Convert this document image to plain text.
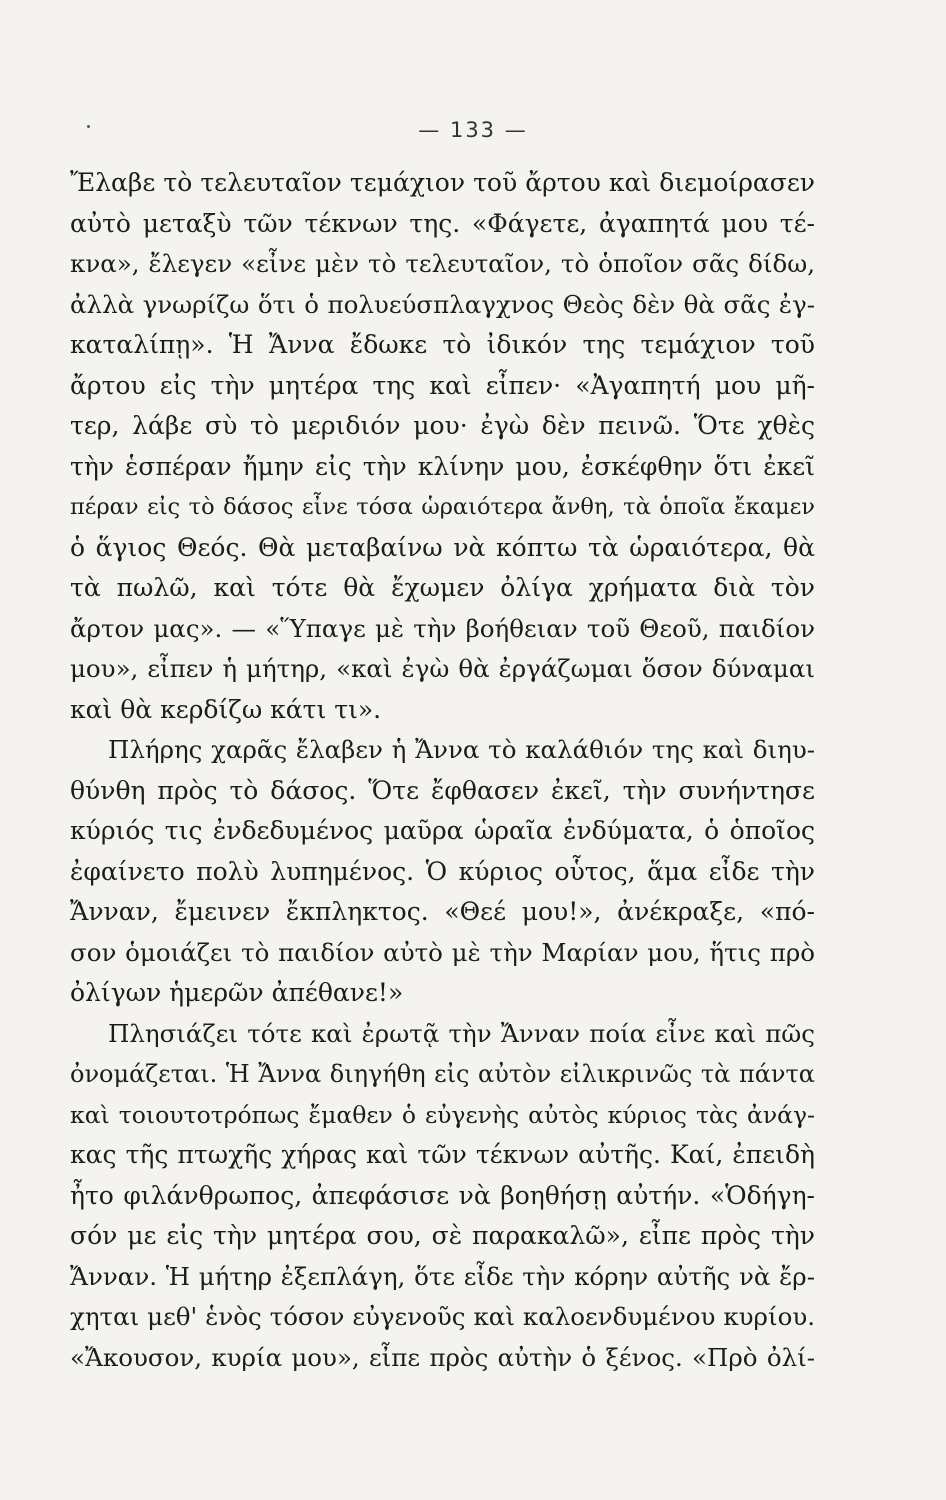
— 133 —
Ἔλαβε τὸ τελευταῖον τεμάχιον τοῦ ἄρτου καὶ διεμοίρασεν
αὐτὸ μεταξὺ τῶν τέκνων της. «Φάγετε, ἀγαπητά μου τέ-
κνα», ἔλεγεν «εἶνε μὲν τὸ τελευταῖον, τὸ ὁποῖον σᾶς δίδω,
ἀλλὰ γνωρίζω ὅτι ὁ πολυεύσπλαγχνος Θεὸς δὲν θὰ σᾶς ἐγ-
καταλίπῃ». Ἡ Ἄννα ἔδωκε τὸ ἰδικόν της τεμάχιον τοῦ
ἄρτου εἰς τὴν μητέρα της καὶ εἶπεν· «Ἀγαπητή μου μῆ-
τερ, λάβε σὺ τὸ μεριδιόν μου· ἐγὼ δὲν πεινῶ. Ὅτε χθὲς
τὴν ἑσπέραν ἤμην εἰς τὴν κλίνην μου, ἐσκέφθην ὅτι ἐκεῖ
πέραν εἰς τὸ δάσος εἶνε τόσα ὡραιότερα ἄνθη, τὰ ὁποῖα ἔκαμεν
ὁ ἅγιος Θεός. Θὰ μεταβαίνω νὰ κόπτω τὰ ὡραιότερα, θὰ
τὰ πωλῶ, καὶ τότε θὰ ἔχωμεν ὀλίγα χρήματα διὰ τὸν
ἄρτον μας». — «Ὕπαγε μὲ τὴν βοήθειαν τοῦ Θεοῦ, παιδίον
μου», εἶπεν ἡ μήτηρ, «καὶ ἐγὼ θὰ ἐργάζωμαι ὅσον δύναμαι
καὶ θὰ κερδίζω κάτι τι».
Πλήρης χαρᾶς ἔλαβεν ἡ Ἄννα τὸ καλάθιόν της καὶ διηυ-
θύνθη πρὸς τὸ δάσος. Ὅτε ἔφθασεν ἐκεῖ, τὴν συνήντησε
κύριός τις ἐνδεδυμένος μαῦρα ὡραῖα ἐνδύματα, ὁ ὁποῖος
ἐφαίνετο πολὺ λυπημένος. Ὁ κύριος οὗτος, ἅμα εἶδε τὴν
Ἄνναν, ἔμεινεν ἔκπληκτος. «Θεέ μου!», ἀνέκραξε, «πό-
σον ὁμοιάζει τὸ παιδίον αὐτὸ μὲ τὴν Μαρίαν μου, ἥτις πρὸ
ὀλίγων ἡμερῶν ἀπέθανε!»
Πλησιάζει τότε καὶ ἐρωτᾷ τὴν Ἄνναν ποία εἶνε καὶ πῶς
ὀνομάζεται. Ἡ Ἄννα διηγήθη εἰς αὐτὸν εἰλικρινῶς τὰ πάντα
καὶ τοιουτοτρόπως ἔμαθεν ὁ εὐγενὴς αὐτὸς κύριος τὰς ἀνάγ-
κας τῆς πτωχῆς χήρας καὶ τῶν τέκνων αὐτῆς. Καί, ἐπειδὴ
ἦτο φιλάνθρωπος, ἀπεφάσισε νὰ βοηθήσῃ αὐτήν. «Ὁδήγη-
σόν με εἰς τὴν μητέρα σου, σὲ παρακαλῶ», εἶπε πρὸς τὴν
Ἄνναν. Ἡ μήτηρ ἐξεπλάγη, ὅτε εἶδε τὴν κόρην αὐτῆς νὰ ἔρ-
χηται μεθ' ἑνὸς τόσον εὐγενοῦς καὶ καλοενδυμένου κυρίου.
«Ἄκουσον, κυρία μου», εἶπε πρὸς αὐτὴν ὁ ξένος. «Πρὸ ὀλί-
